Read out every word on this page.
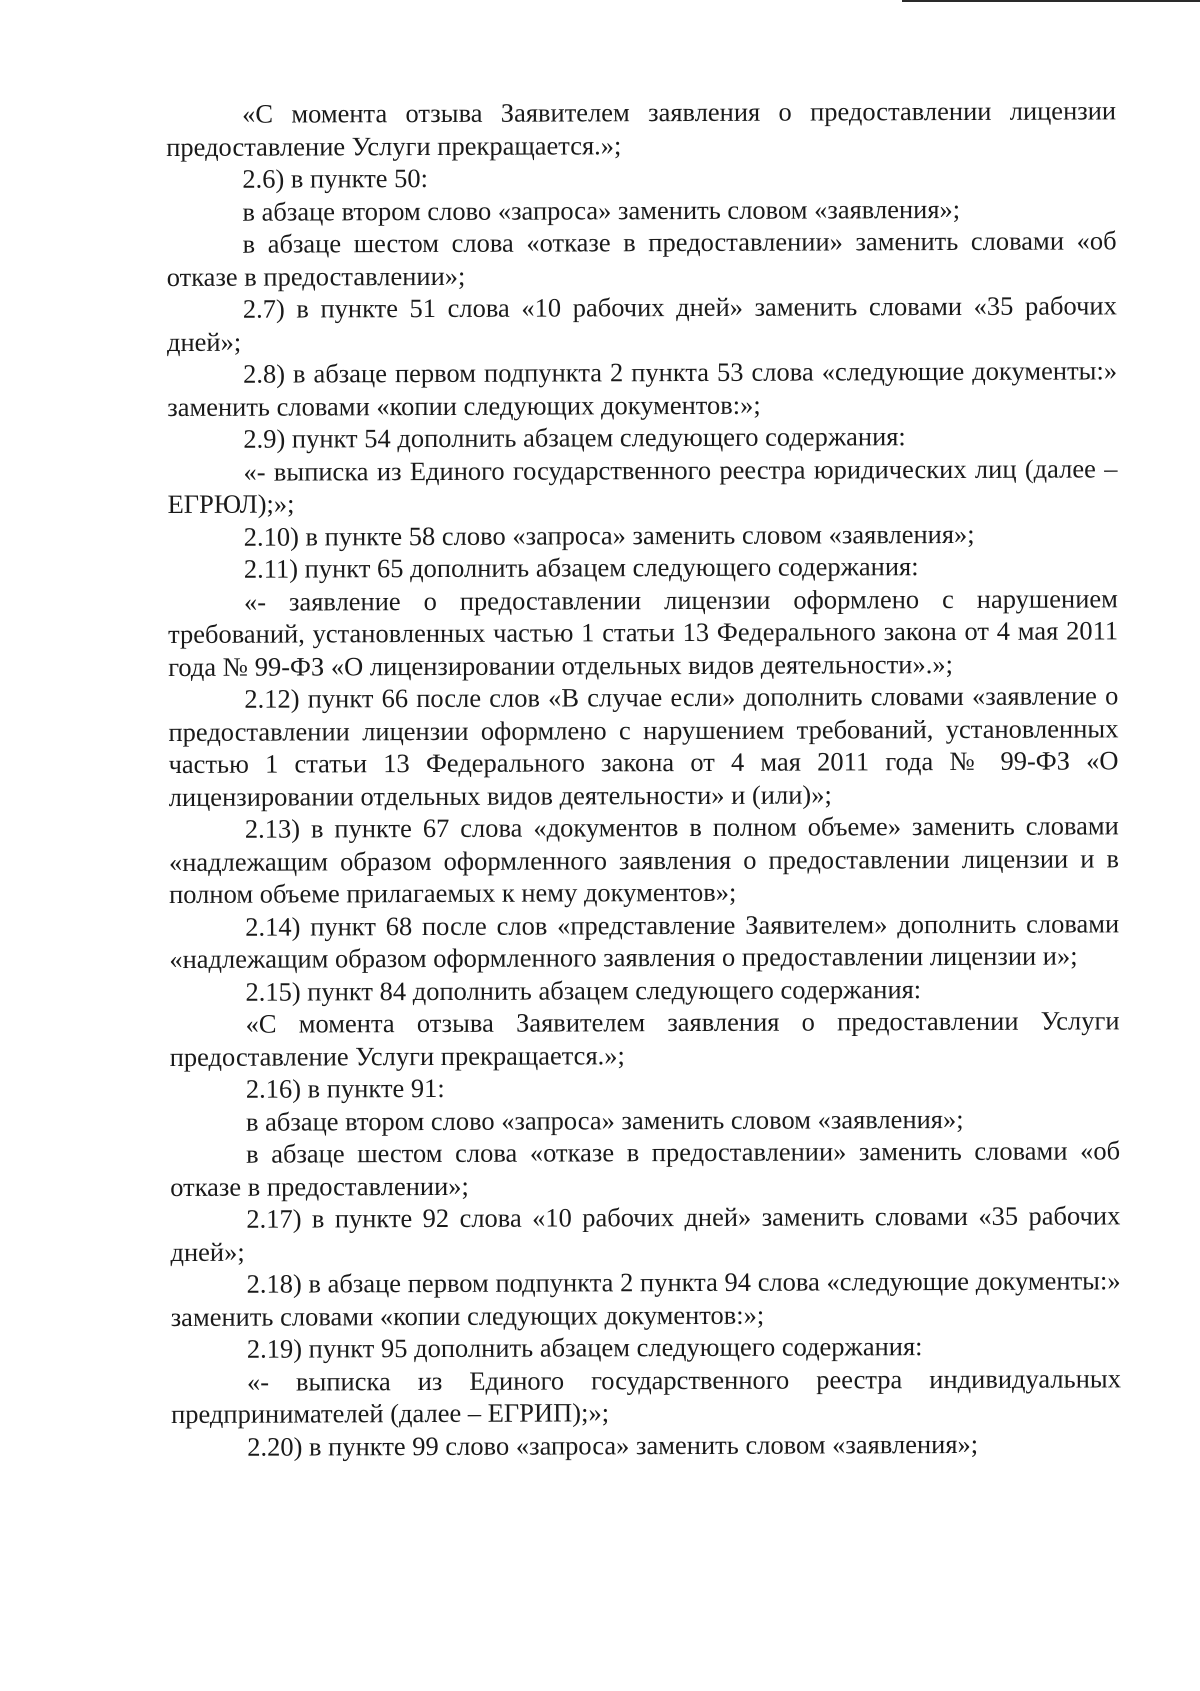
«С момента отзыва Заявителем заявления о предоставлении лицензии предоставление Услуги прекращается.»;

2.6) в пункте 50:

в абзаце втором слово «запроса» заменить словом «заявления»;

в абзаце шестом слова «отказе в предоставлении» заменить словами «об отказе в предоставлении»;

2.7) в пункте 51 слова «10 рабочих дней» заменить словами «35 рабочих дней»;

2.8) в абзаце первом подпункта 2 пункта 53 слова «следующие документы:» заменить словами «копии следующих документов:»;

2.9) пункт 54 дополнить абзацем следующего содержания:

«- выписка из Единого государственного реестра юридических лиц (далее – ЕГРЮЛ);»;

2.10) в пункте 58 слово «запроса» заменить словом «заявления»;

2.11) пункт 65 дополнить абзацем следующего содержания:

«- заявление о предоставлении лицензии оформлено с нарушением требований, установленных частью 1 статьи 13 Федерального закона от 4 мая 2011 года № 99-ФЗ «О лицензировании отдельных видов деятельности».»;

2.12) пункт 66 после слов «В случае если» дополнить словами «заявление о предоставлении лицензии оформлено с нарушением требований, установленных частью 1 статьи 13 Федерального закона от 4 мая 2011 года № 99-ФЗ «О лицензировании отдельных видов деятельности» и (или)»;

2.13) в пункте 67 слова «документов в полном объеме» заменить словами «надлежащим образом оформленного заявления о предоставлении лицензии и в полном объеме прилагаемых к нему документов»;

2.14) пункт 68 после слов «представление Заявителем» дополнить словами «надлежащим образом оформленного заявления о предоставлении лицензии и»;

2.15) пункт 84 дополнить абзацем следующего содержания:

«С момента отзыва Заявителем заявления о предоставлении Услуги предоставление Услуги прекращается.»;

2.16) в пункте 91:

в абзаце втором слово «запроса» заменить словом «заявления»;

в абзаце шестом слова «отказе в предоставлении» заменить словами «об отказе в предоставлении»;

2.17) в пункте 92 слова «10 рабочих дней» заменить словами «35 рабочих дней»;

2.18) в абзаце первом подпункта 2 пункта 94 слова «следующие документы:» заменить словами «копии следующих документов:»;

2.19) пункт 95 дополнить абзацем следующего содержания:

«- выписка из Единого государственного реестра индивидуальных предпринимателей (далее – ЕГРИП);»;

2.20) в пункте 99 слово «запроса» заменить словом «заявления»;
